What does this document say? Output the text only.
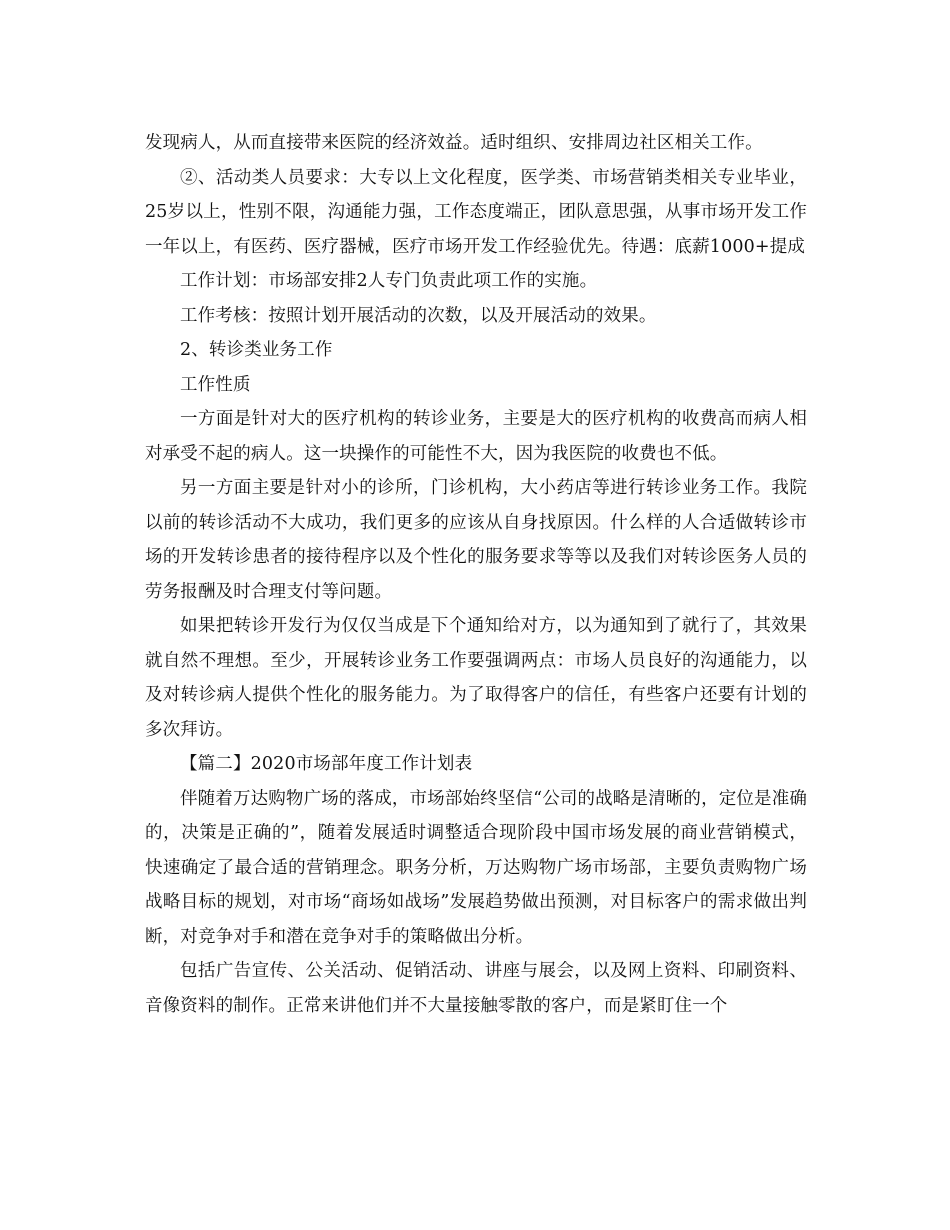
发现病人，从而直接带来医院的经济效益。适时组织、安排周边社区相关工作。

②、活动类人员要求：大专以上文化程度，医学类、市场营销类相关专业毕业，25岁以上，性别不限，沟通能力强，工作态度端正，团队意思强，从事市场开发工作一年以上，有医药、医疗器械，医疗市场开发工作经验优先。待遇：底薪1000+提成

工作计划：市场部安排2人专门负责此项工作的实施。

工作考核：按照计划开展活动的次数，以及开展活动的效果。

2、转诊类业务工作

工作性质

一方面是针对大的医疗机构的转诊业务，主要是大的医疗机构的收费高而病人相对承受不起的病人。这一块操作的可能性不大，因为我医院的收费也不低。

另一方面主要是针对小的诊所，门诊机构，大小药店等进行转诊业务工作。我院以前的转诊活动不大成功，我们更多的应该从自身找原因。什么样的人合适做转诊市场的开发转诊患者的接待程序以及个性化的服务要求等等以及我们对转诊医务人员的劳务报酬及时合理支付等问题。

如果把转诊开发行为仅仅当成是下个通知给对方，以为通知到了就行了，其效果就自然不理想。至少，开展转诊业务工作要强调两点：市场人员良好的沟通能力，以及对转诊病人提供个性化的服务能力。为了取得客户的信任，有些客户还要有计划的多次拜访。

【篇二】2020市场部年度工作计划表

伴随着万达购物广场的落成，市场部始终坚信“公司的战略是清晰的，定位是准确的，决策是正确的”，随着发展适时调整适合现阶段中国市场发展的商业营销模式，快速确定了最合适的营销理念。职务分析，万达购物广场市场部，主要负责购物广场战略目标的规划，对市场“商场如战场”发展趋势做出预测，对目标客户的需求做出判断，对竞争对手和潜在竞争对手的策略做出分析。

包括广告宣传、公关活动、促销活动、讲座与展会，以及网上资料、印刷资料、音像资料的制作。正常来讲他们并不大量接触零散的客户，而是紧盯住一个
